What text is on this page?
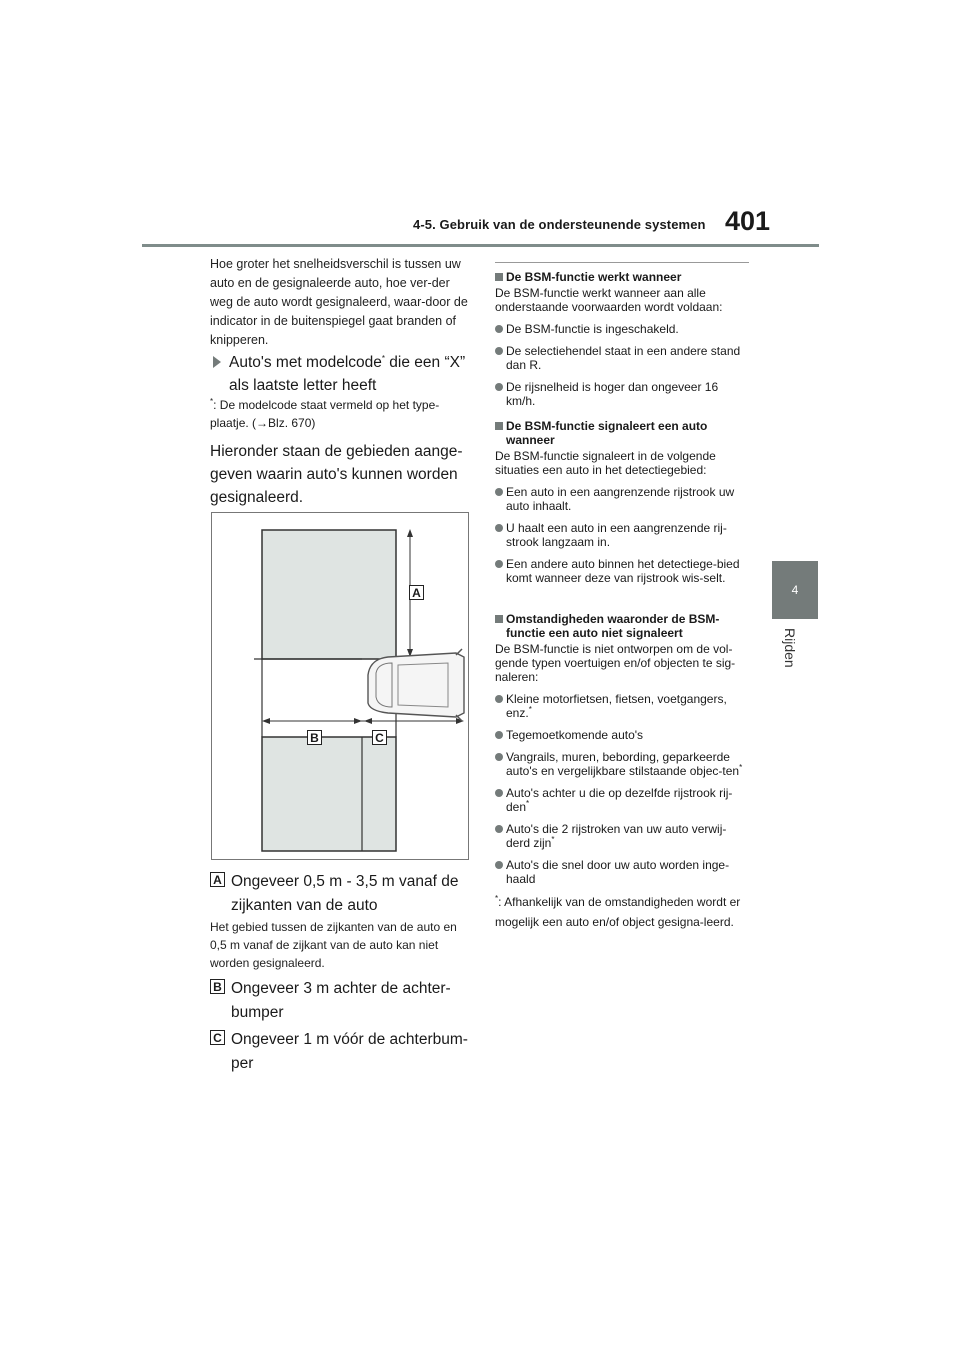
4-5. Gebruik van de ondersteunende systemen 401
4
Rijden
Hoe groter het snelheidsverschil is tussen uw auto en de gesignaleerde auto, hoe ver-der weg de auto wordt gesignaleerd, waar-door de indicator in de buitenspiegel gaat branden of knipperen.
Auto's met modelcode* die een “X” als laatste letter heeft
*: De modelcode staat vermeld op het type-plaatje. (→Blz. 670)
Hieronder staan de gebieden aange-geven waarin auto's kunnen worden gesignaleerd.
A
B	C
A Ongeveer 0,5 m - 3,5 m vanaf de zijkanten van de auto
Het gebied tussen de zijkanten van de auto en 0,5 m vanaf de zijkant van de auto kan niet worden gesignaleerd.
B Ongeveer 3 m achter de achter-bumper
C Ongeveer 1 m vóór de achterbum-per
De BSM-functie werkt wanneer
De BSM-functie werkt wanneer aan alle onderstaande voorwaarden wordt voldaan:
De BSM-functie is ingeschakeld.
De selectiehendel staat in een andere stand dan R.
De rijsnelheid is hoger dan ongeveer 16 km/h.
De BSM-functie signaleert een auto wanneer
De BSM-functie signaleert in de volgende situaties een auto in het detectiegebied:
Een auto in een aangrenzende rijstrook uw auto inhaalt.
U haalt een auto in een aangrenzende rij-strook langzaam in.
Een andere auto binnen het detectiege-bied komt wanneer deze van rijstrook wis-selt.
Omstandigheden waaronder de BSM-functie een auto niet signaleert
De BSM-functie is niet ontworpen om de vol-gende typen voertuigen en/of objecten te sig-naleren:
Kleine motorfietsen, fietsen, voetgangers, enz.*
Tegemoetkomende auto's
Vangrails, muren, bebording, geparkeerde auto's en vergelijkbare stilstaande objec-ten*
Auto's achter u die op dezelfde rijstrook rij-den*
Auto's die 2 rijstroken van uw auto verwij-derd zijn*
Auto's die snel door uw auto worden inge-haald
*: Afhankelijk van de omstandigheden wordt er mogelijk een auto en/of object gesigna-leerd.
